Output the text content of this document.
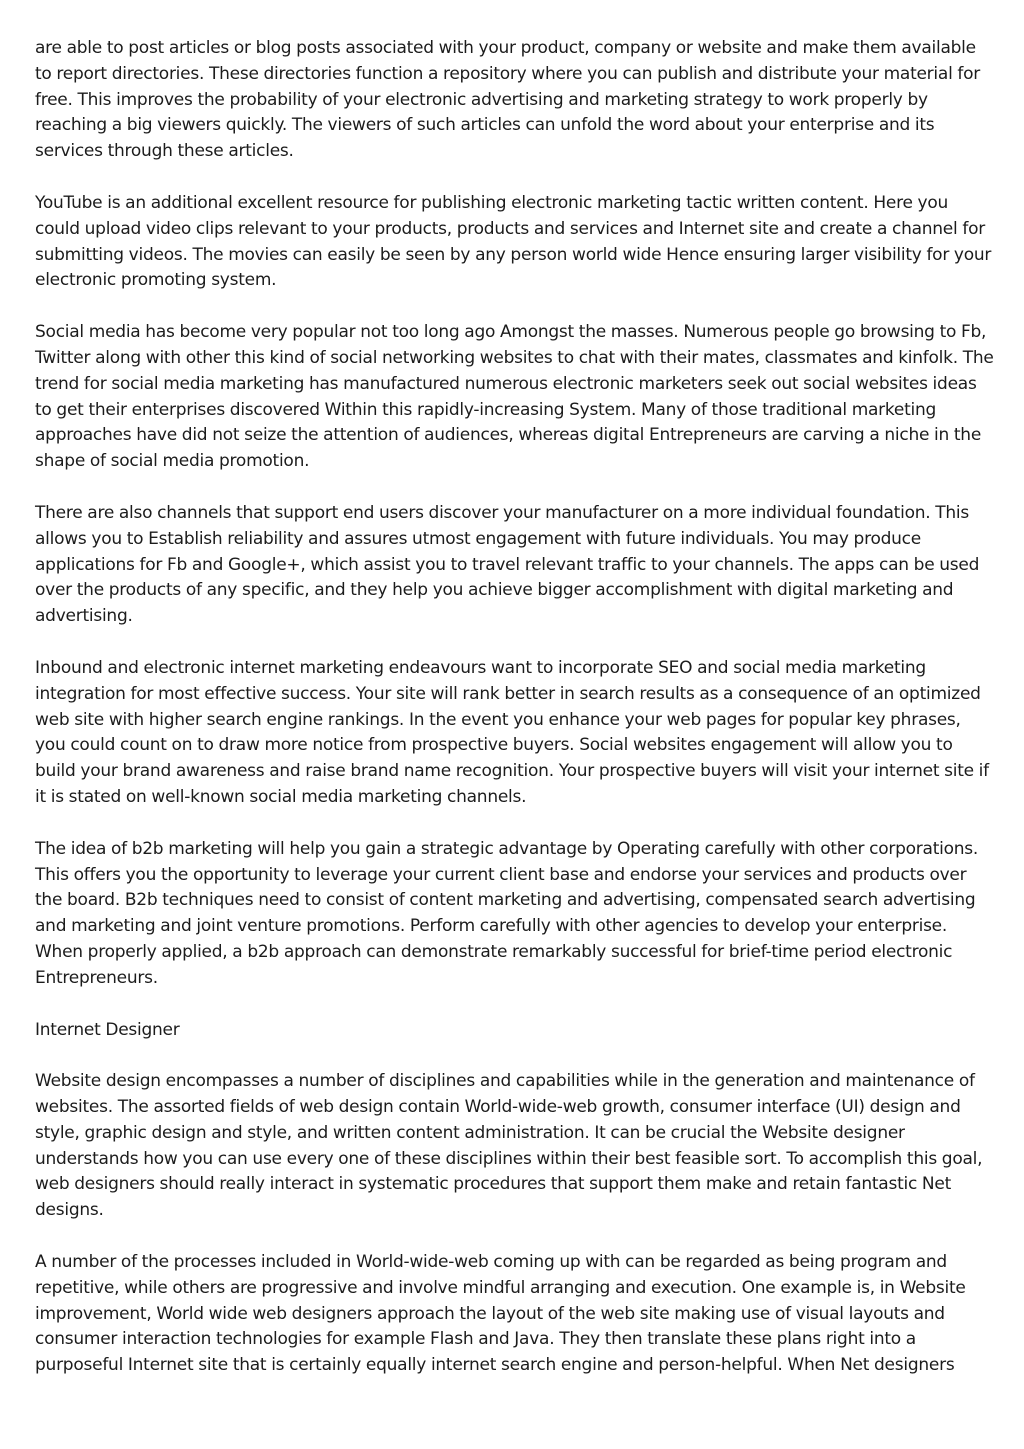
are able to post articles or blog posts associated with your product, company or website and make them available to report directories. These directories function a repository where you can publish and distribute your material for free. This improves the probability of your electronic advertising and marketing strategy to work properly by reaching a big viewers quickly. The viewers of such articles can unfold the word about your enterprise and its services through these articles.

YouTube is an additional excellent resource for publishing electronic marketing tactic written content. Here you could upload video clips relevant to your products, products and services and Internet site and create a channel for submitting videos. The movies can easily be seen by any person world wide Hence ensuring larger visibility for your electronic promoting system.

Social media has become very popular not too long ago Amongst the masses. Numerous people go browsing to Fb, Twitter along with other this kind of social networking websites to chat with their mates, classmates and kinfolk. The trend for social media marketing has manufactured numerous electronic marketers seek out social websites ideas to get their enterprises discovered Within this rapidly-increasing System. Many of those traditional marketing approaches have did not seize the attention of audiences, whereas digital Entrepreneurs are carving a niche in the shape of social media promotion.

There are also channels that support end users discover your manufacturer on a more individual foundation. This allows you to Establish reliability and assures utmost engagement with future individuals. You may produce applications for Fb and Google+, which assist you to travel relevant traffic to your channels. The apps can be used over the products of any specific, and they help you achieve bigger accomplishment with digital marketing and advertising.

Inbound and electronic internet marketing endeavours want to incorporate SEO and social media marketing integration for most effective success. Your site will rank better in search results as a consequence of an optimized web site with higher search engine rankings. In the event you enhance your web pages for popular key phrases, you could count on to draw more notice from prospective buyers. Social websites engagement will allow you to build your brand awareness and raise brand name recognition. Your prospective buyers will visit your internet site if it is stated on well-known social media marketing channels.

The idea of b2b marketing will help you gain a strategic advantage by Operating carefully with other corporations. This offers you the opportunity to leverage your current client base and endorse your services and products over the board. B2b techniques need to consist of content marketing and advertising, compensated search advertising and marketing and joint venture promotions. Perform carefully with other agencies to develop your enterprise. When properly applied, a b2b approach can demonstrate remarkably successful for brief-time period electronic Entrepreneurs.

Internet Designer

Website design encompasses a number of disciplines and capabilities while in the generation and maintenance of websites. The assorted fields of web design contain World-wide-web growth, consumer interface (UI) design and style, graphic design and style, and written content administration. It can be crucial the Website designer understands how you can use every one of these disciplines within their best feasible sort. To accomplish this goal, web designers should really interact in systematic procedures that support them make and retain fantastic Net designs.

A number of the processes included in World-wide-web coming up with can be regarded as being program and repetitive, while others are progressive and involve mindful arranging and execution. One example is, in Website improvement, World wide web designers approach the layout of the web site making use of visual layouts and consumer interaction technologies for example Flash and Java. They then translate these plans right into a purposeful Internet site that is certainly equally internet search engine and person-helpful. When Net designers
